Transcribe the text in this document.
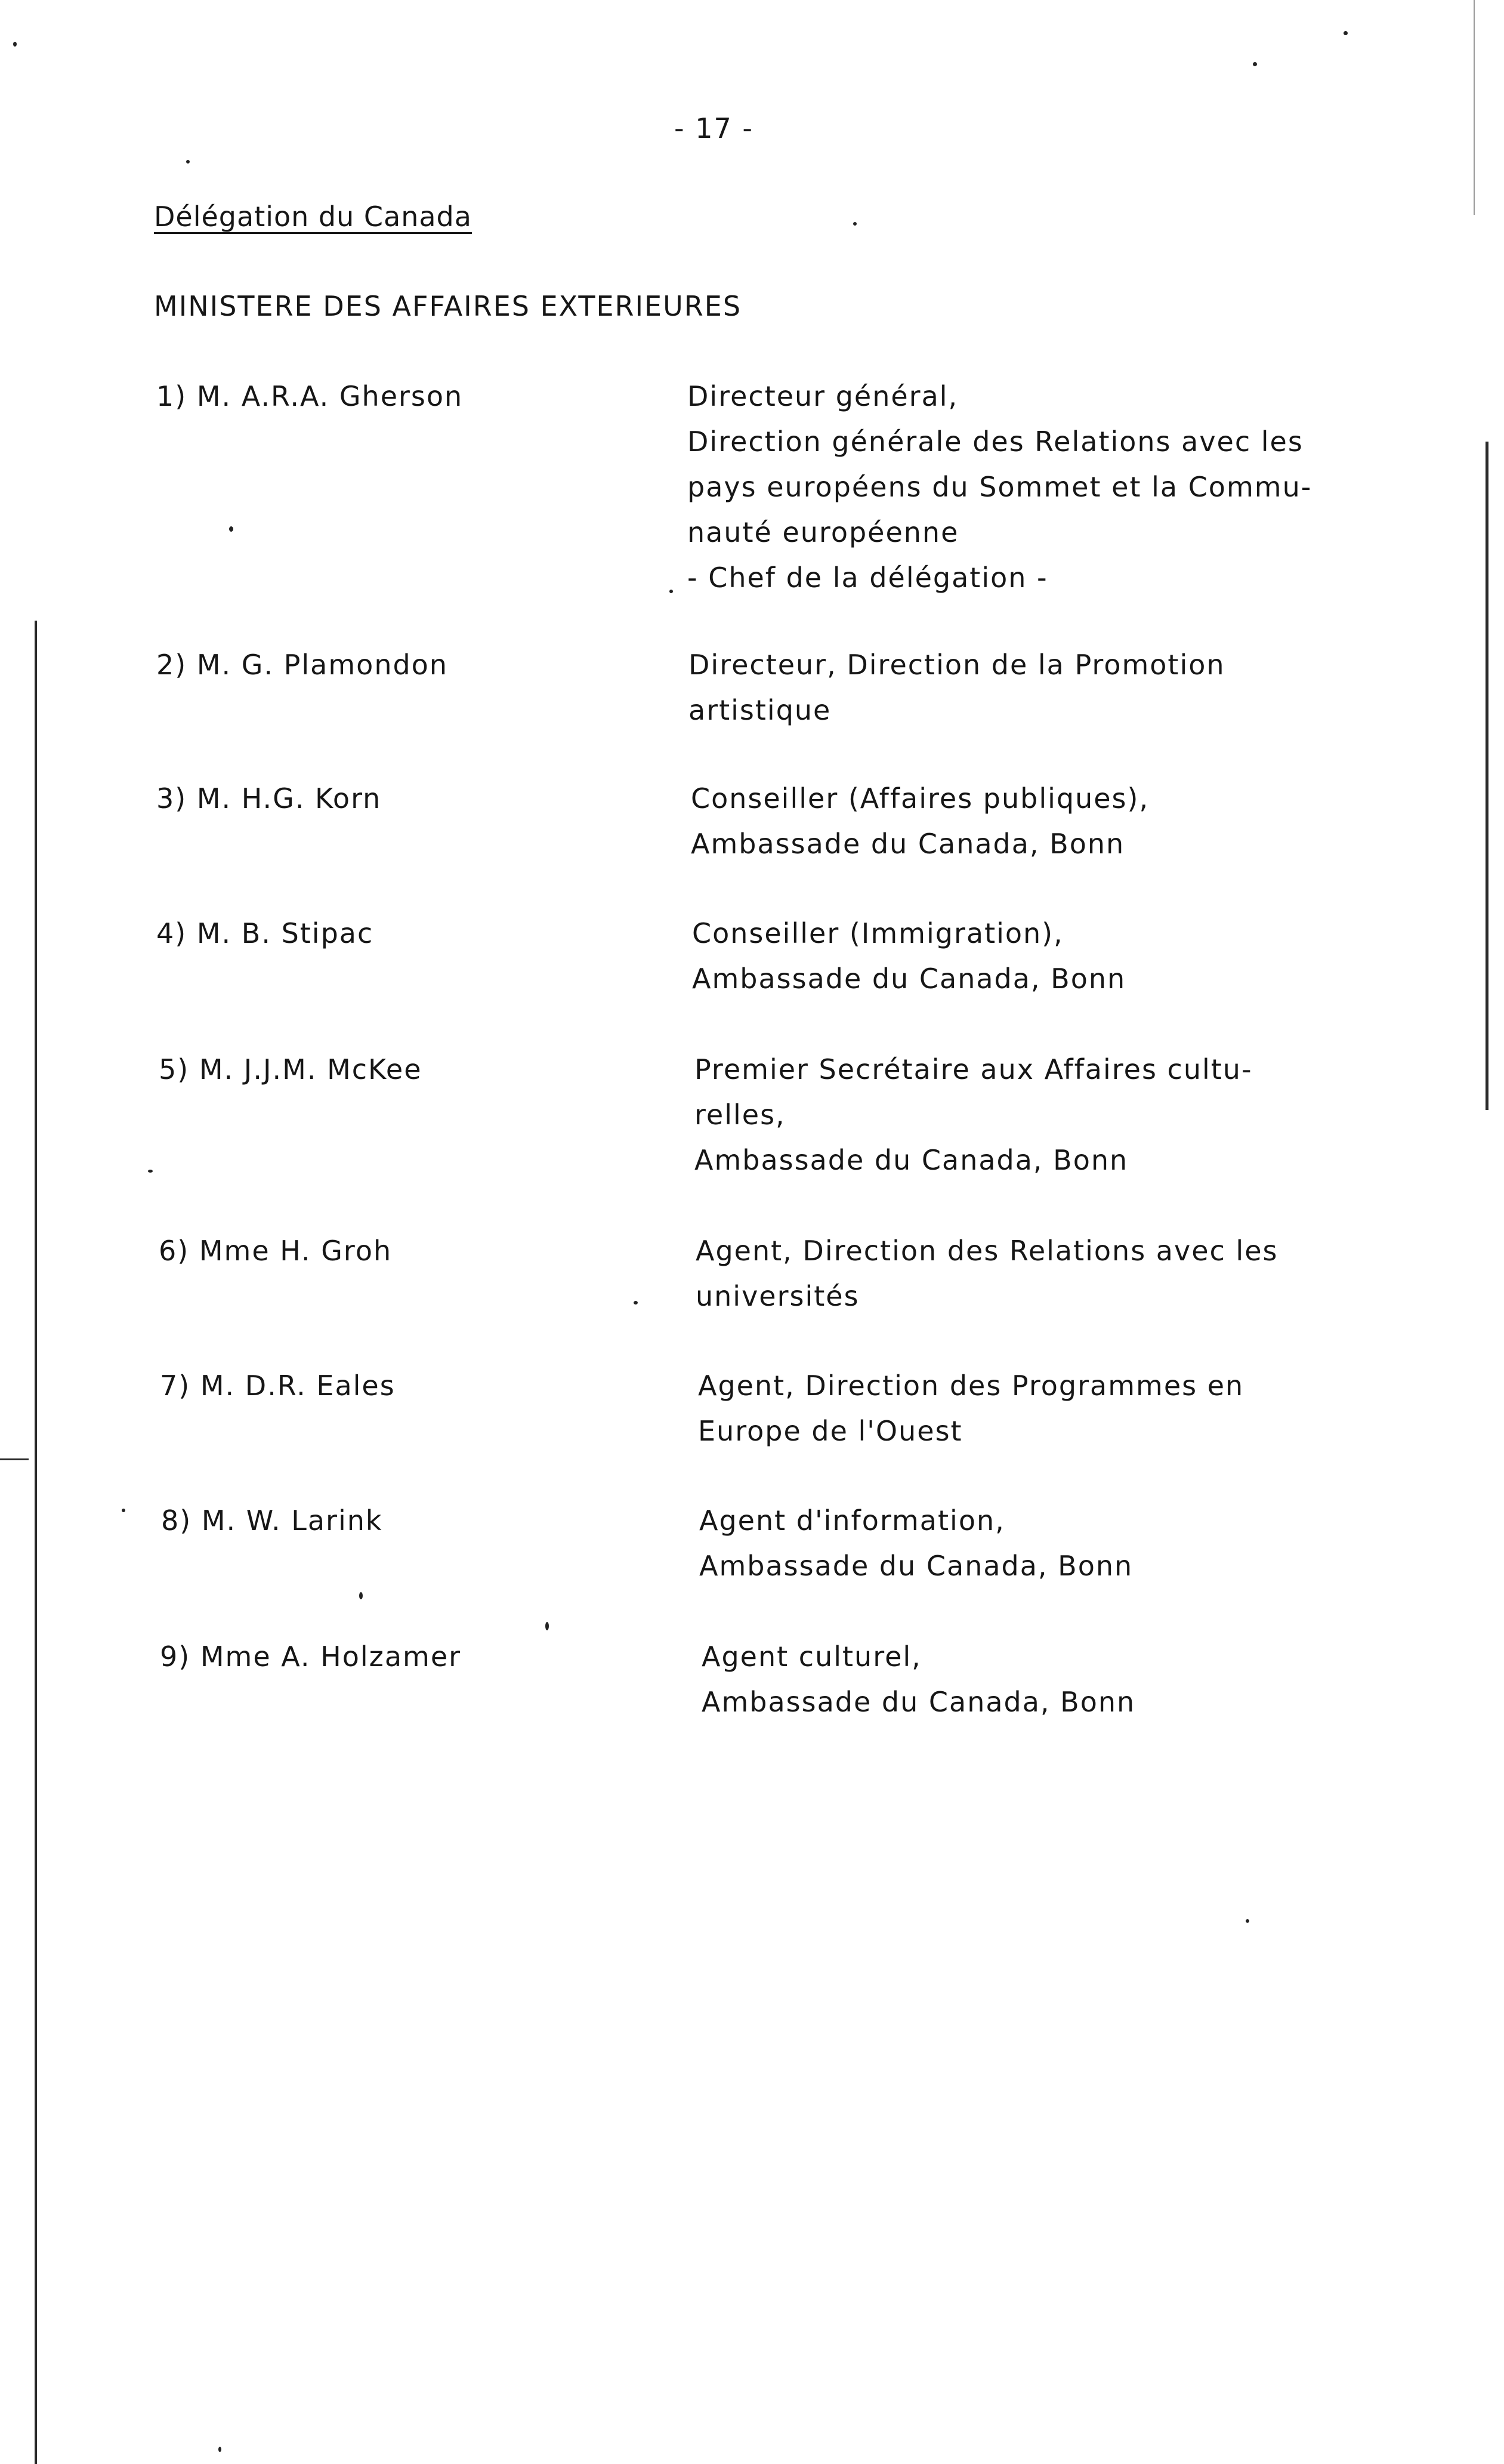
- 17 -
Délégation du Canada
MINISTERE DES AFFAIRES EXTERIEURES
1) M. A.R.A. Gherson	Directeur général,
Direction générale des Relations avec les
pays européens du Sommet et la Commu-
nauté européenne
- Chef de la délégation -
2) M. G. Plamondon	Directeur, Direction de la Promotion
artistique
3) M. H.G. Korn	Conseiller (Affaires publiques),
Ambassade du Canada, Bonn
4) M. B. Stipac	Conseiller (Immigration),
Ambassade du Canada, Bonn
5) M. J.J.M. McKee	Premier Secrétaire aux Affaires cultu-
relles,
Ambassade du Canada, Bonn
6) Mme H. Groh	Agent, Direction des Relations avec les
universités
7) M. D.R. Eales	Agent, Direction des Programmes en
Europe de l'Ouest
8) M. W. Larink	Agent d'information,
Ambassade du Canada, Bonn
9) Mme A. Holzamer	Agent culturel,
Ambassade du Canada, Bonn
